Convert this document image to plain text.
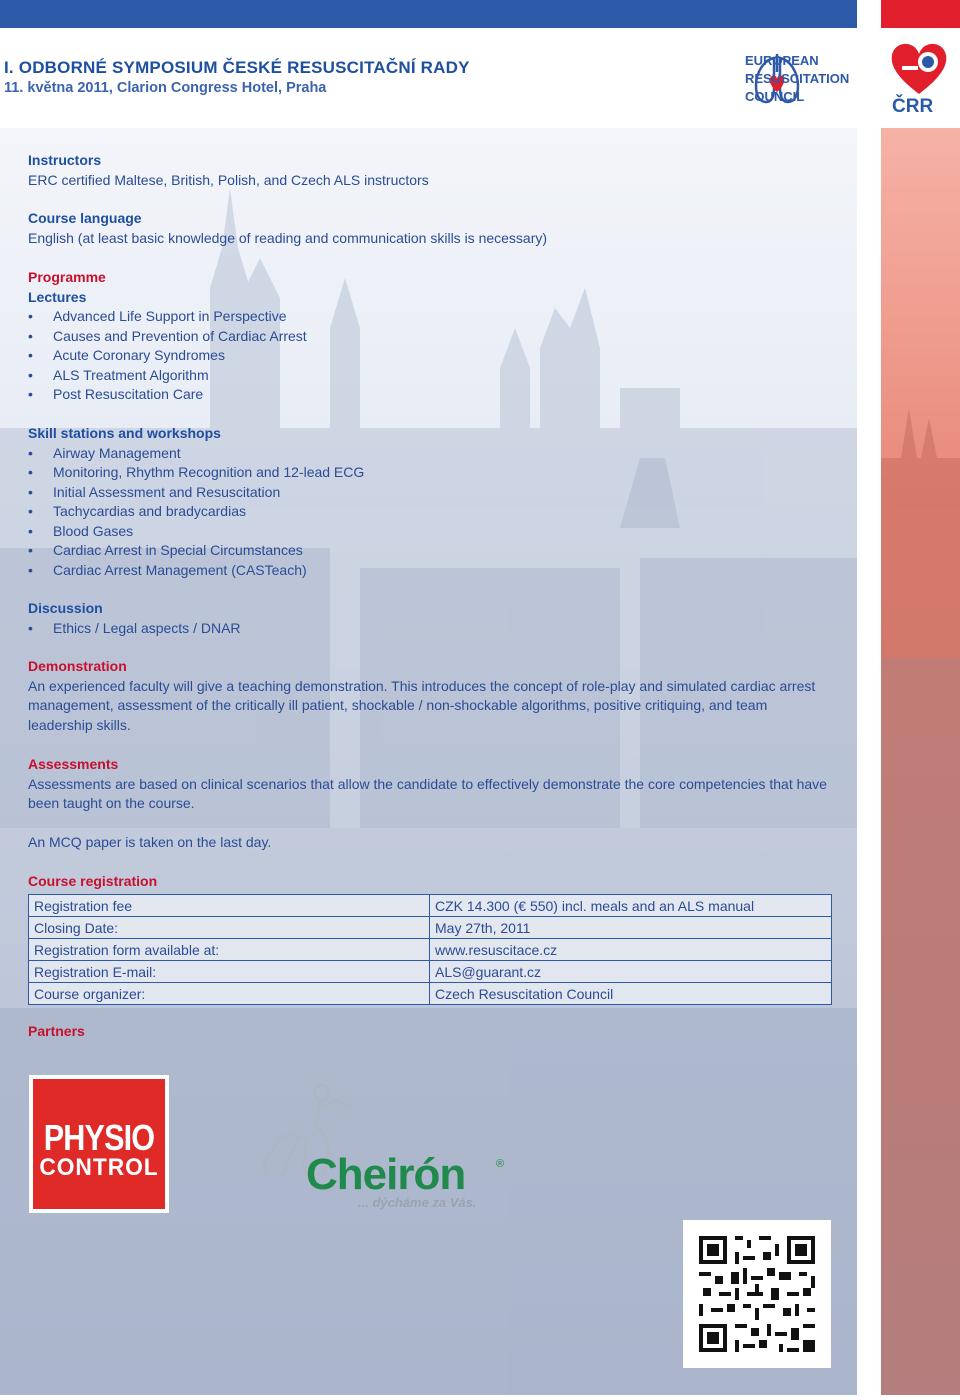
I. ODBORNÉ SYMPOSIUM ČESKÉ RESUSCITAČNÍ RADY
11. května 2011, Clarion Congress Hotel, Praha
EUROPEAN
RESUSCITATION
COUNCIL	ČRR

Instructors

ERC certified Maltese, British, Polish, and Czech ALS instructors

Course language

English (at least basic knowledge of reading and communication skills is necessary)

Programme

Lectures

• Advanced Life Support in Perspective
• Causes and Prevention of Cardiac Arrest
• Acute Coronary Syndromes
• ALS Treatment Algorithm
• Post Resuscitation Care

Skill stations and workshops

• Airway Management
• Monitoring, Rhythm Recognition and 12-lead ECG
• Initial Assessment and Resuscitation
• Tachycardias and bradycardias
• Blood Gases
• Cardiac Arrest in Special Circumstances
• Cardiac Arrest Management (CASTeach)

Discussion

• Ethics / Legal aspects / DNAR

Demonstration

An experienced faculty will give a teaching demonstration. This introduces the concept of role-play and simulated cardiac arrest management, assessment of the critically ill patient, shockable / non-shockable algorithms, positive critiquing, and team leadership skills.

Assessments

Assessments are based on clinical scenarios that allow the candidate to effectively demonstrate the core competencies that have been taught on the course.

An MCQ paper is taken on the last day.

Course registration

Registration fee	CZK 14.300 (€ 550) incl. meals and an ALS manual
Closing Date:	May 27th, 2011
Registration form available at:	www.resuscitace.cz
Registration E-mail:	ALS@guarant.cz
Course organizer:	Czech Resuscitation Council

Partners

PHYSIO
CONTROL	Cheirón	®
... dýcháme za Vás.
